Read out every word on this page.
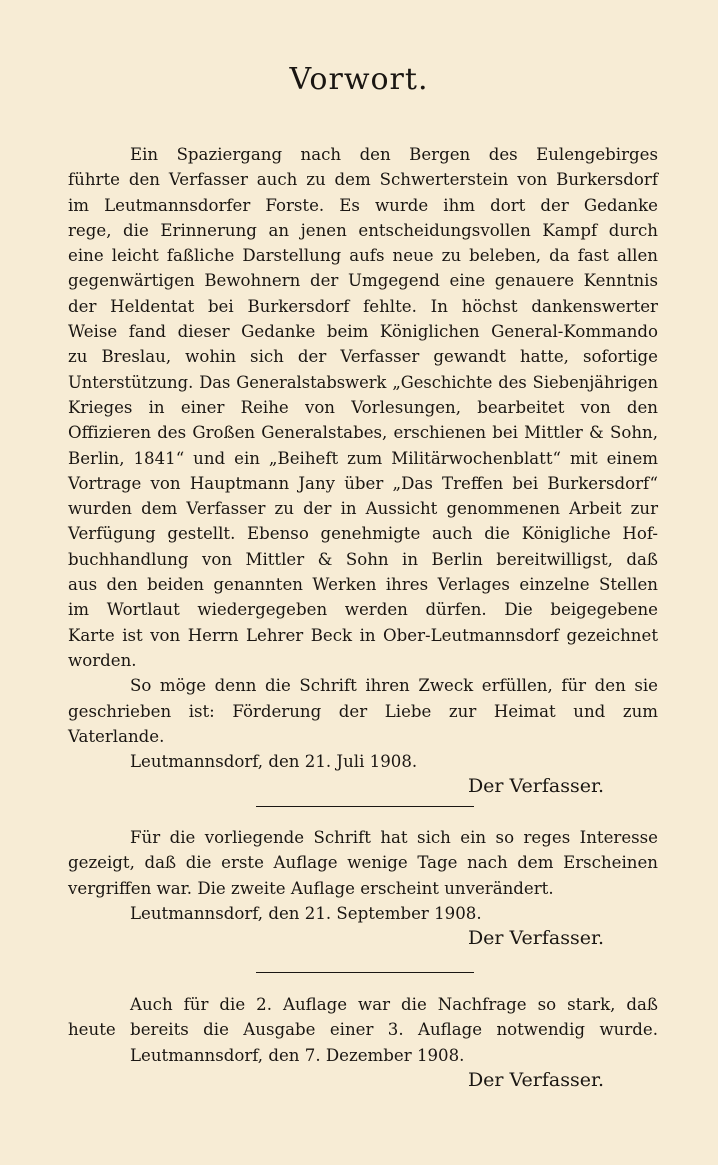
Vorwort.
Ein Spaziergang nach den Bergen des Eulengebirges
führte den Verfasser auch zu dem Schwerterstein von Burkersdorf
im Leutmannsdorfer Forste. Es wurde ihm dort der Gedanke
rege, die Erinnerung an jenen entscheidungsvollen Kampf durch
eine leicht faßliche Darstellung aufs neue zu beleben, da fast allen
gegenwärtigen Bewohnern der Umgegend eine genauere Kenntnis
der Heldentat bei Burkersdorf fehlte. In höchst dankenswerter
Weise fand dieser Gedanke beim Königlichen General-Kommando
zu Breslau, wohin sich der Verfasser gewandt hatte, sofortige
Unterstützung. Das Generalstabswerk „Geschichte des Siebenjährigen
Krieges in einer Reihe von Vorlesungen, bearbeitet von den
Offizieren des Großen Generalstabes, erschienen bei Mittler & Sohn,
Berlin, 1841“ und ein „Beiheft zum Militärwochenblatt“ mit einem
Vortrage von Hauptmann Jany über „Das Treffen bei Burkersdorf“
wurden dem Verfasser zu der in Aussicht genommenen Arbeit zur
Verfügung gestellt. Ebenso genehmigte auch die Königliche Hof-
buchhandlung von Mittler & Sohn in Berlin bereitwilligst, daß
aus den beiden genannten Werken ihres Verlages einzelne Stellen
im Wortlaut wiedergegeben werden dürfen. Die beigegebene
Karte ist von Herrn Lehrer Beck in Ober-Leutmannsdorf gezeichnet
worden.
So möge denn die Schrift ihren Zweck erfüllen, für den sie
geschrieben ist: Förderung der Liebe zur Heimat und zum
Vaterlande.
Leutmannsdorf, den 21. Juli 1908.
Der Verfasser.
Für die vorliegende Schrift hat sich ein so reges Interesse
gezeigt, daß die erste Auflage wenige Tage nach dem Erscheinen
vergriffen war. Die zweite Auflage erscheint unverändert.
Leutmannsdorf, den 21. September 1908.
Der Verfasser.
Auch für die 2. Auflage war die Nachfrage so stark, daß
heute bereits die Ausgabe einer 3. Auflage notwendig wurde.
Leutmannsdorf, den 7. Dezember 1908.
Der Verfasser.
